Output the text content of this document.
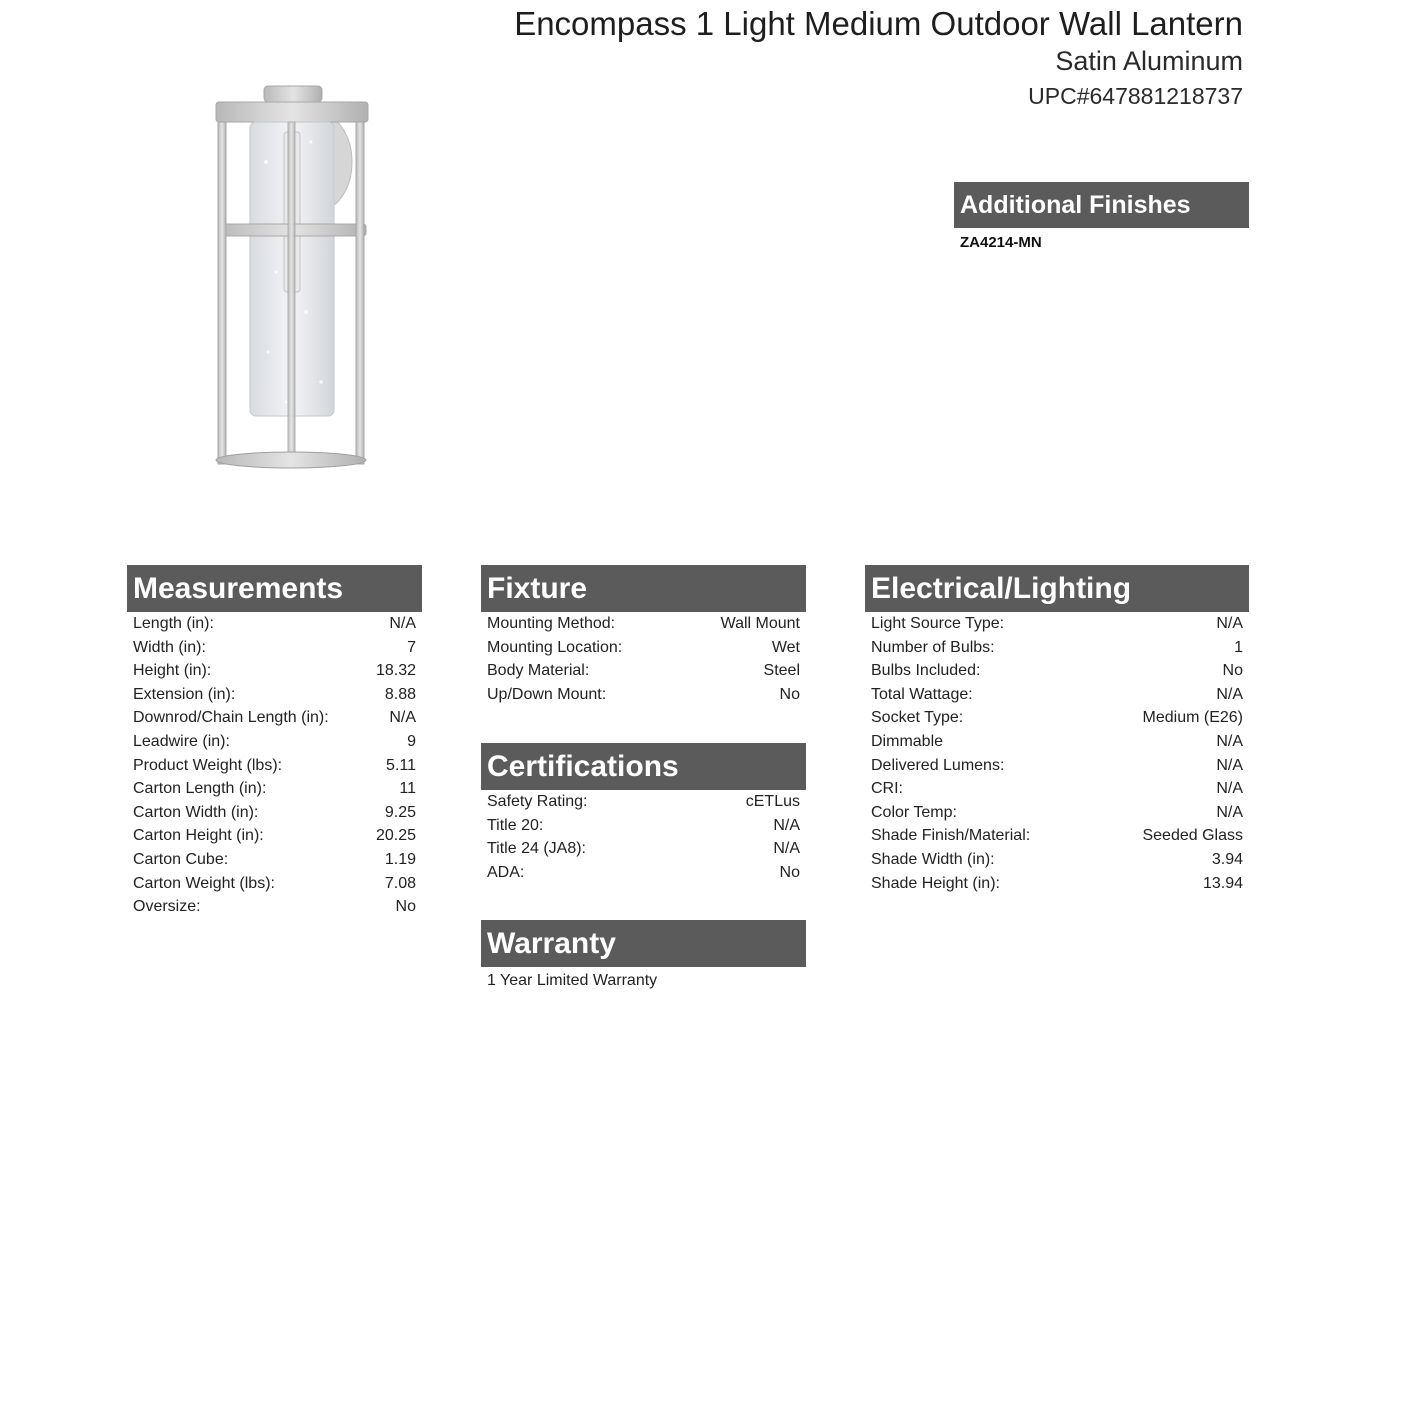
Encompass 1 Light Medium Outdoor Wall Lantern
Satin Aluminum
UPC#647881218737
Additional Finishes
ZA4214-MN
Measurements
Length (in):	N/A
Width (in):	7
Height (in):	18.32
Extension (in):	8.88
Downrod/Chain Length (in):	N/A
Leadwire (in):	9
Product Weight (lbs):	5.11
Carton Length (in):	11
Carton Width (in):	9.25
Carton Height (in):	20.25
Carton Cube:	1.19
Carton Weight (lbs):	7.08
Oversize:	No
Fixture
Mounting Method:	Wall Mount
Mounting Location:	Wet
Body Material:	Steel
Up/Down Mount:	No
Certifications
Safety Rating:	cETLus
Title 20:	N/A
Title 24 (JA8):	N/A
ADA:	No
Warranty
1 Year Limited Warranty
Electrical/Lighting
Light Source Type:	N/A
Number of Bulbs:	1
Bulbs Included:	No
Total Wattage:	N/A
Socket Type:	Medium (E26)
Dimmable	N/A
Delivered Lumens:	N/A
CRI:	N/A
Color Temp:	N/A
Shade Finish/Material:	Seeded Glass
Shade Width (in):	3.94
Shade Height (in):	13.94
